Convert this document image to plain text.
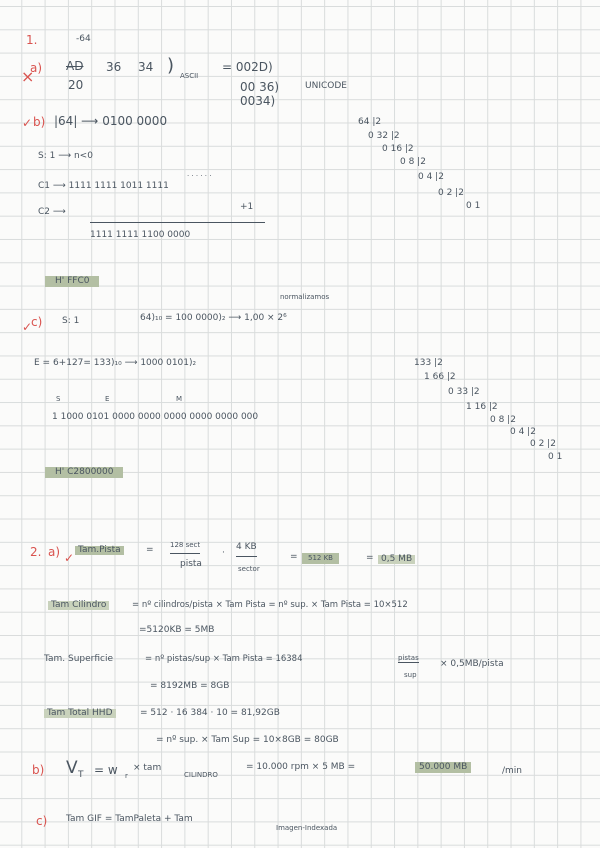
1.	-64
×
a) AD
20
36 34 ) ASCII
= 002D)
00 36)
0034)
UNICODE
✓ b) |64| ⟶ 0100 0000
S: 1 ⟶ n<0
C1 ⟶ 1111 1111 1011 1111
· · · · · ·
C2 ⟶	+1
1111 1111 1100 0000
H' FFC0
64 |2
0 32 |2
0 16 |2
0 8 |2
0 4 |2
0 2 |2
0 1
normalizamos
✓
c) S: 1	64)₁₀ = 100 0000)₂ ⟶ 1,00 × 2⁶
E = 6+127= 133)₁₀ ⟶ 1000 0101)₂
S	E	M
1 1000 0101 0000 0000 0000 0000 0000 000
H' C2800000
133 |2
1 66 |2
0 33 |2
1 16 |2
0 8 |2
0 4 |2
0 2 |2
0 1
2. a) ✓
Tam.Pista	= 128 sect
pista
·
4 KB
sector
=	512 KB	= 0,5 MB
Tam Cilindro	= nº cilindros/pista × Tam Pista = nº sup. × Tam Pista = 10×512
=5120KB = 5MB
Tam. Superficie	= nº pistas/sup × Tam Pista = 16384	pistas
sup
× 0,5MB/pista
= 8192MB = 8GB
Tam Total HHD	= 512 · 16 384 · 10 = 81,92GB
= nº sup. × Tam Sup = 10×8GB = 80GB
b) V T = w r
× tam
CILINDRO
= 10.000 rpm × 5 MB =	50.000 MB	/min
c) Tam GIF = TamPaleta + Tam
Imagen-Indexada
